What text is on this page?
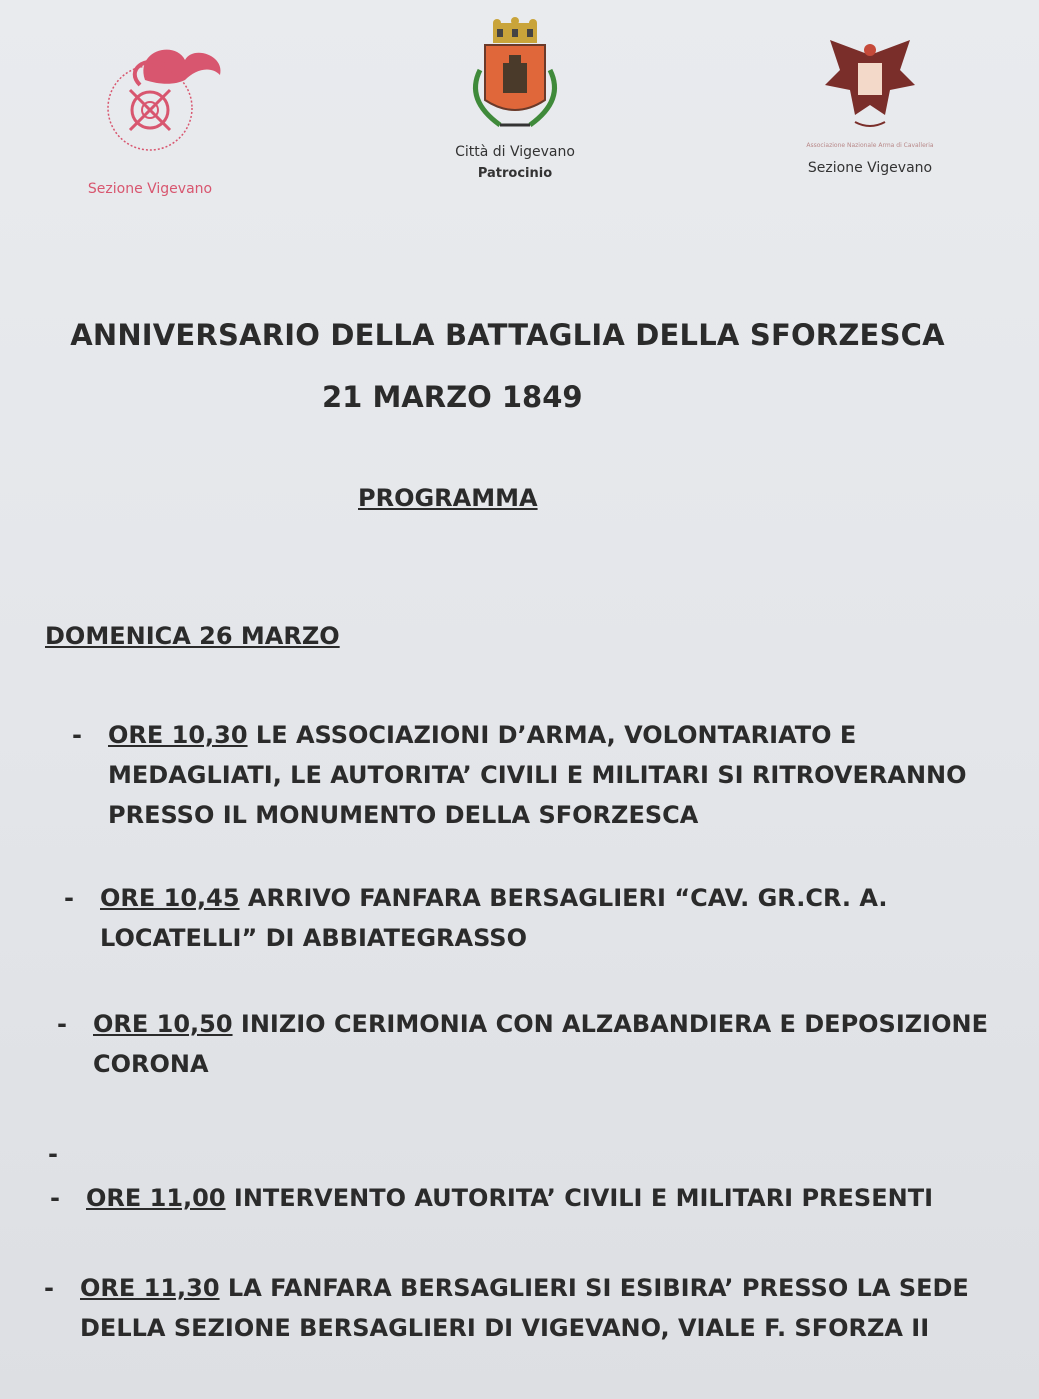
Sezione Vigevano
Città di Vigevano
Patrocinio
Associazione Nazionale Arma di Cavalleria
Sezione Vigevano
ANNIVERSARIO DELLA BATTAGLIA DELLA SFORZESCA
21 MARZO 1849
PROGRAMMA
DOMENICA 26 MARZO
- ORE 10,30 LE ASSOCIAZIONI D’ARMA, VOLONTARIATO E
MEDAGLIATI, LE AUTORITA’ CIVILI E MILITARI SI RITROVERANNO
PRESSO IL MONUMENTO DELLA SFORZESCA
- ORE 10,45 ARRIVO FANFARA BERSAGLIERI “CAV. GR.CR. A.
LOCATELLI” DI ABBIATEGRASSO
- ORE 10,50 INIZIO CERIMONIA CON ALZABANDIERA E DEPOSIZIONE
CORONA
-
- ORE 11,00 INTERVENTO AUTORITA’ CIVILI E MILITARI PRESENTI
- ORE 11,30 LA FANFARA BERSAGLIERI SI ESIBIRA’ PRESSO LA SEDE
DELLA SEZIONE BERSAGLIERI DI VIGEVANO, VIALE F. SFORZA II
